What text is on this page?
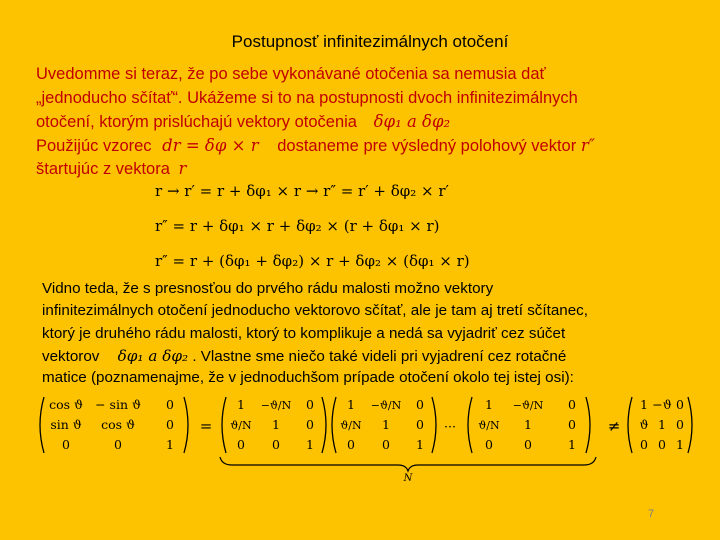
Postupnosť infinitezimálnych otočení
Uvedomme si teraz, že po sebe vykonávané otočenia sa nemusia dať
„jednoducho sčítať“. Ukážeme si to na postupnosti dvoch infinitezimálnych
otočení, ktorým prislúchajú vektory otočenia δφ₁ a δφ₂
Použijúc vzorec dr = δφ × r dostaneme pre výsledný polohový vektor r″
štartujúc z vektora r
r → r′ = r + δφ₁ × r → r″ = r′ + δφ₂ × r′
r″ = r + δφ₁ × r + δφ₂ × (r + δφ₁ × r)
r″ = r + (δφ₁ + δφ₂) × r + δφ₂ × (δφ₁ × r)
Vidno teda, že s presnosťou do prvého rádu malosti možno vektory
infinitezimálnych otočení jednoducho vektorovo sčítať, ale je tam aj tretí sčítanec,
ktorý je druhého rádu malosti, ktorý to komplikuje a nedá sa vyjadriť cez súčet
vektorov δφ₁ a δφ₂ . Vlastne sme niečo také videli pri vyjadrení cez rotačné
matice (poznamenajme, že v jednoduchšom prípade otočení okolo tej istej osi):
cos ϑ − sin ϑ 0
sin ϑ cos ϑ 0
0	0	1
=
1 −ϑ/N 0
ϑ/N 1 0
0 0 1
1 −ϑ/N 0
ϑ/N 1 0
0 0 1
···
1 −ϑ/N 0
ϑ/N 1	0
0 0	1
N
≠
1 −ϑ 0
ϑ 1 0
0 0 1
7
